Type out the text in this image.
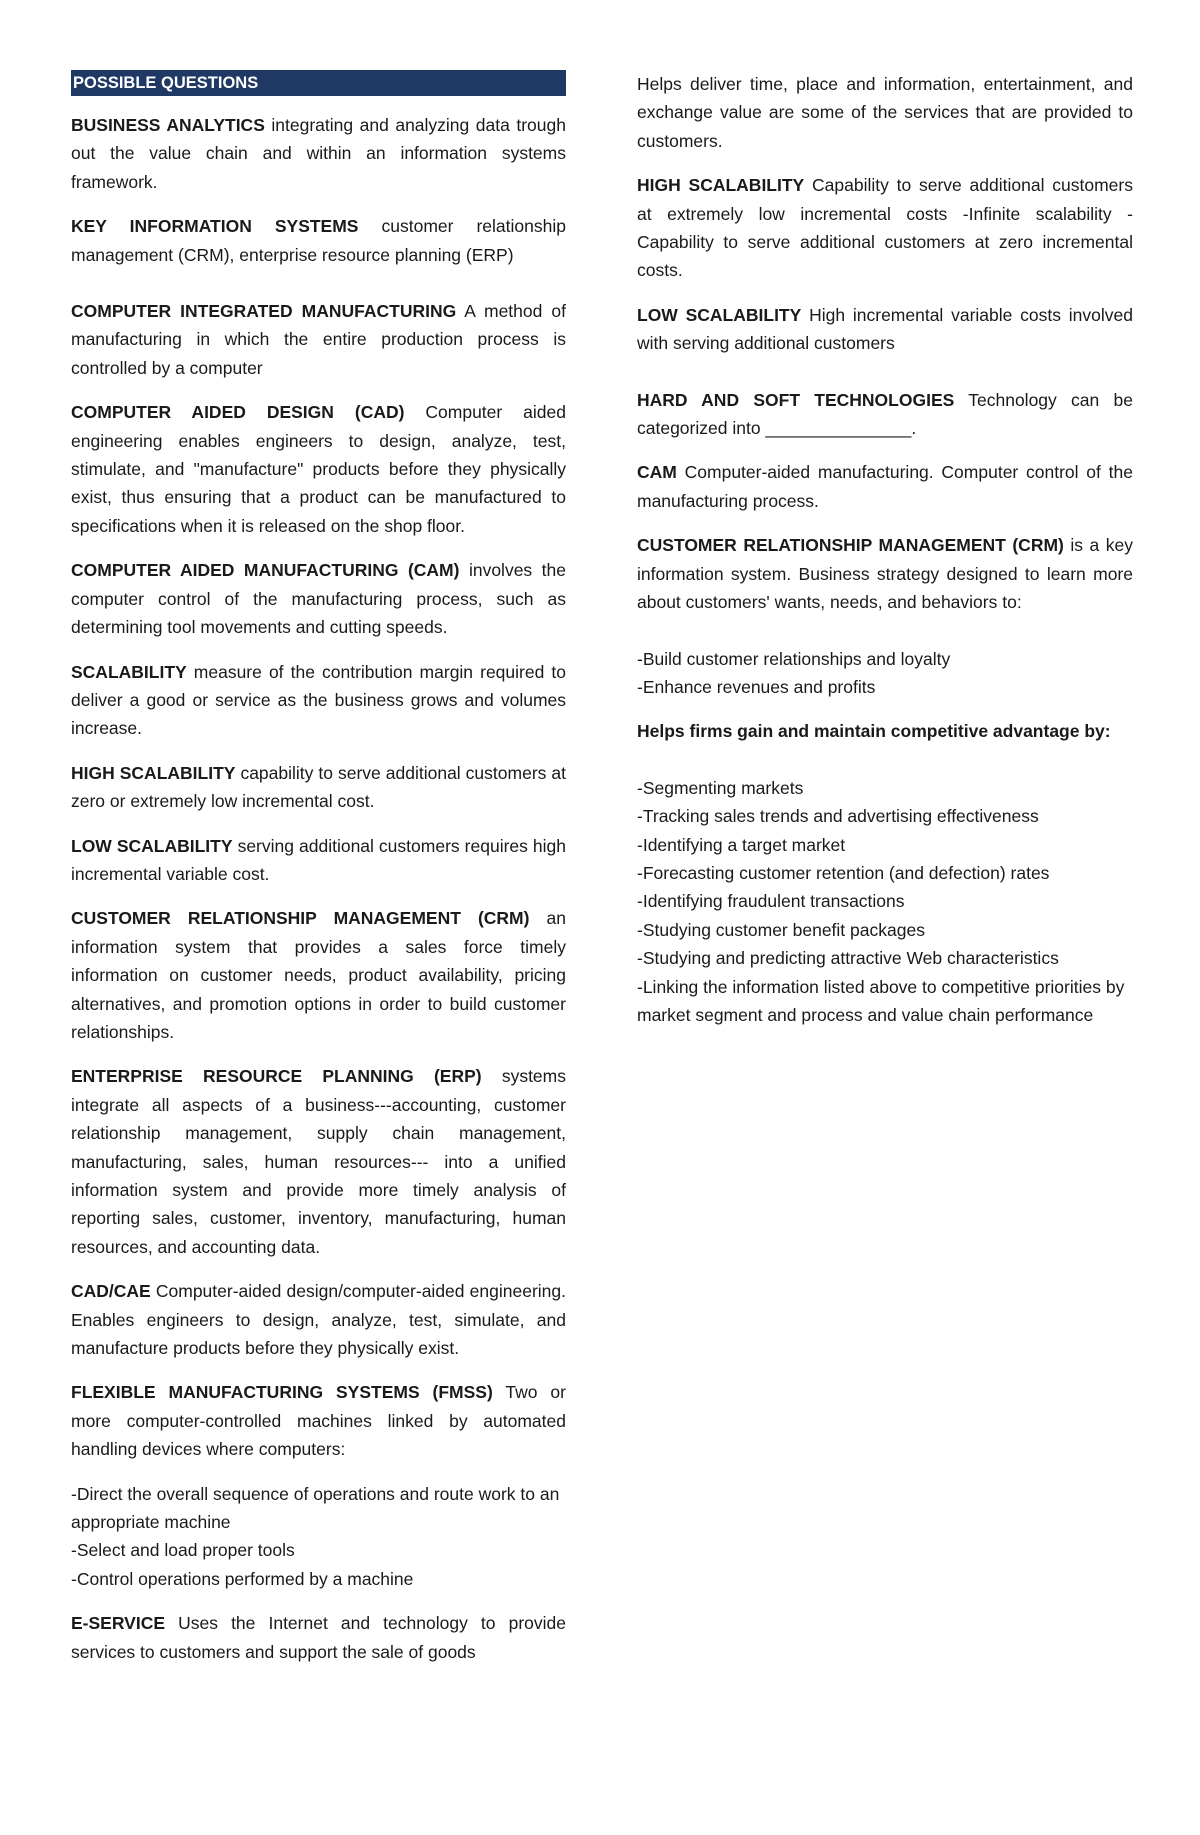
POSSIBLE QUESTIONS

BUSINESS ANALYTICS integrating and analyzing data trough out the value chain and within an information systems framework.

KEY INFORMATION SYSTEMS customer relationship management (CRM), enterprise resource planning (ERP)

COMPUTER INTEGRATED MANUFACTURING A method of manufacturing in which the entire production process is controlled by a computer

COMPUTER AIDED DESIGN (CAD) Computer aided engineering enables engineers to design, analyze, test, stimulate, and "manufacture" products before they physically exist, thus ensuring that a product can be manufactured to specifications when it is released on the shop floor.

COMPUTER AIDED MANUFACTURING (CAM) involves the computer control of the manufacturing process, such as determining tool movements and cutting speeds.

SCALABILITY measure of the contribution margin required to deliver a good or service as the business grows and volumes increase.

HIGH SCALABILITY capability to serve additional customers at zero or extremely low incremental cost.

LOW SCALABILITY serving additional customers requires high incremental variable cost.

CUSTOMER RELATIONSHIP MANAGEMENT (CRM) an information system that provides a sales force timely information on customer needs, product availability, pricing alternatives, and promotion options in order to build customer relationships.

ENTERPRISE RESOURCE PLANNING (ERP) systems integrate all aspects of a business---accounting, customer relationship management, supply chain management, manufacturing, sales, human resources--- into a unified information system and provide more timely analysis of reporting sales, customer, inventory, manufacturing, human resources, and accounting data.

CAD/CAE Computer-aided design/computer-aided engineering. Enables engineers to design, analyze, test, simulate, and manufacture products before they physically exist.

FLEXIBLE MANUFACTURING SYSTEMS (FMSS) Two or more computer-controlled machines linked by automated handling devices where computers:

-Direct the overall sequence of operations and route work to an appropriate machine
-Select and load proper tools
-Control operations performed by a machine

E-SERVICE Uses the Internet and technology to provide services to customers and support the sale of goods

Helps deliver time, place and information, entertainment, and exchange value are some of the services that are provided to customers.

HIGH SCALABILITY Capability to serve additional customers at extremely low incremental costs -Infinite scalability - Capability to serve additional customers at zero incremental costs.

LOW SCALABILITY High incremental variable costs involved with serving additional customers

HARD AND SOFT TECHNOLOGIES Technology can be categorized into _______________.

CAM Computer-aided manufacturing. Computer control of the manufacturing process.

CUSTOMER RELATIONSHIP MANAGEMENT (CRM) is a key information system. Business strategy designed to learn more about customers' wants, needs, and behaviors to:

-Build customer relationships and loyalty
-Enhance revenues and profits

Helps firms gain and maintain competitive advantage by:

-Segmenting markets
-Tracking sales trends and advertising effectiveness
-Identifying a target market
-Forecasting customer retention (and defection) rates
-Identifying fraudulent transactions
-Studying customer benefit packages
-Studying and predicting attractive Web characteristics
-Linking the information listed above to competitive priorities by market segment and process and value chain performance
